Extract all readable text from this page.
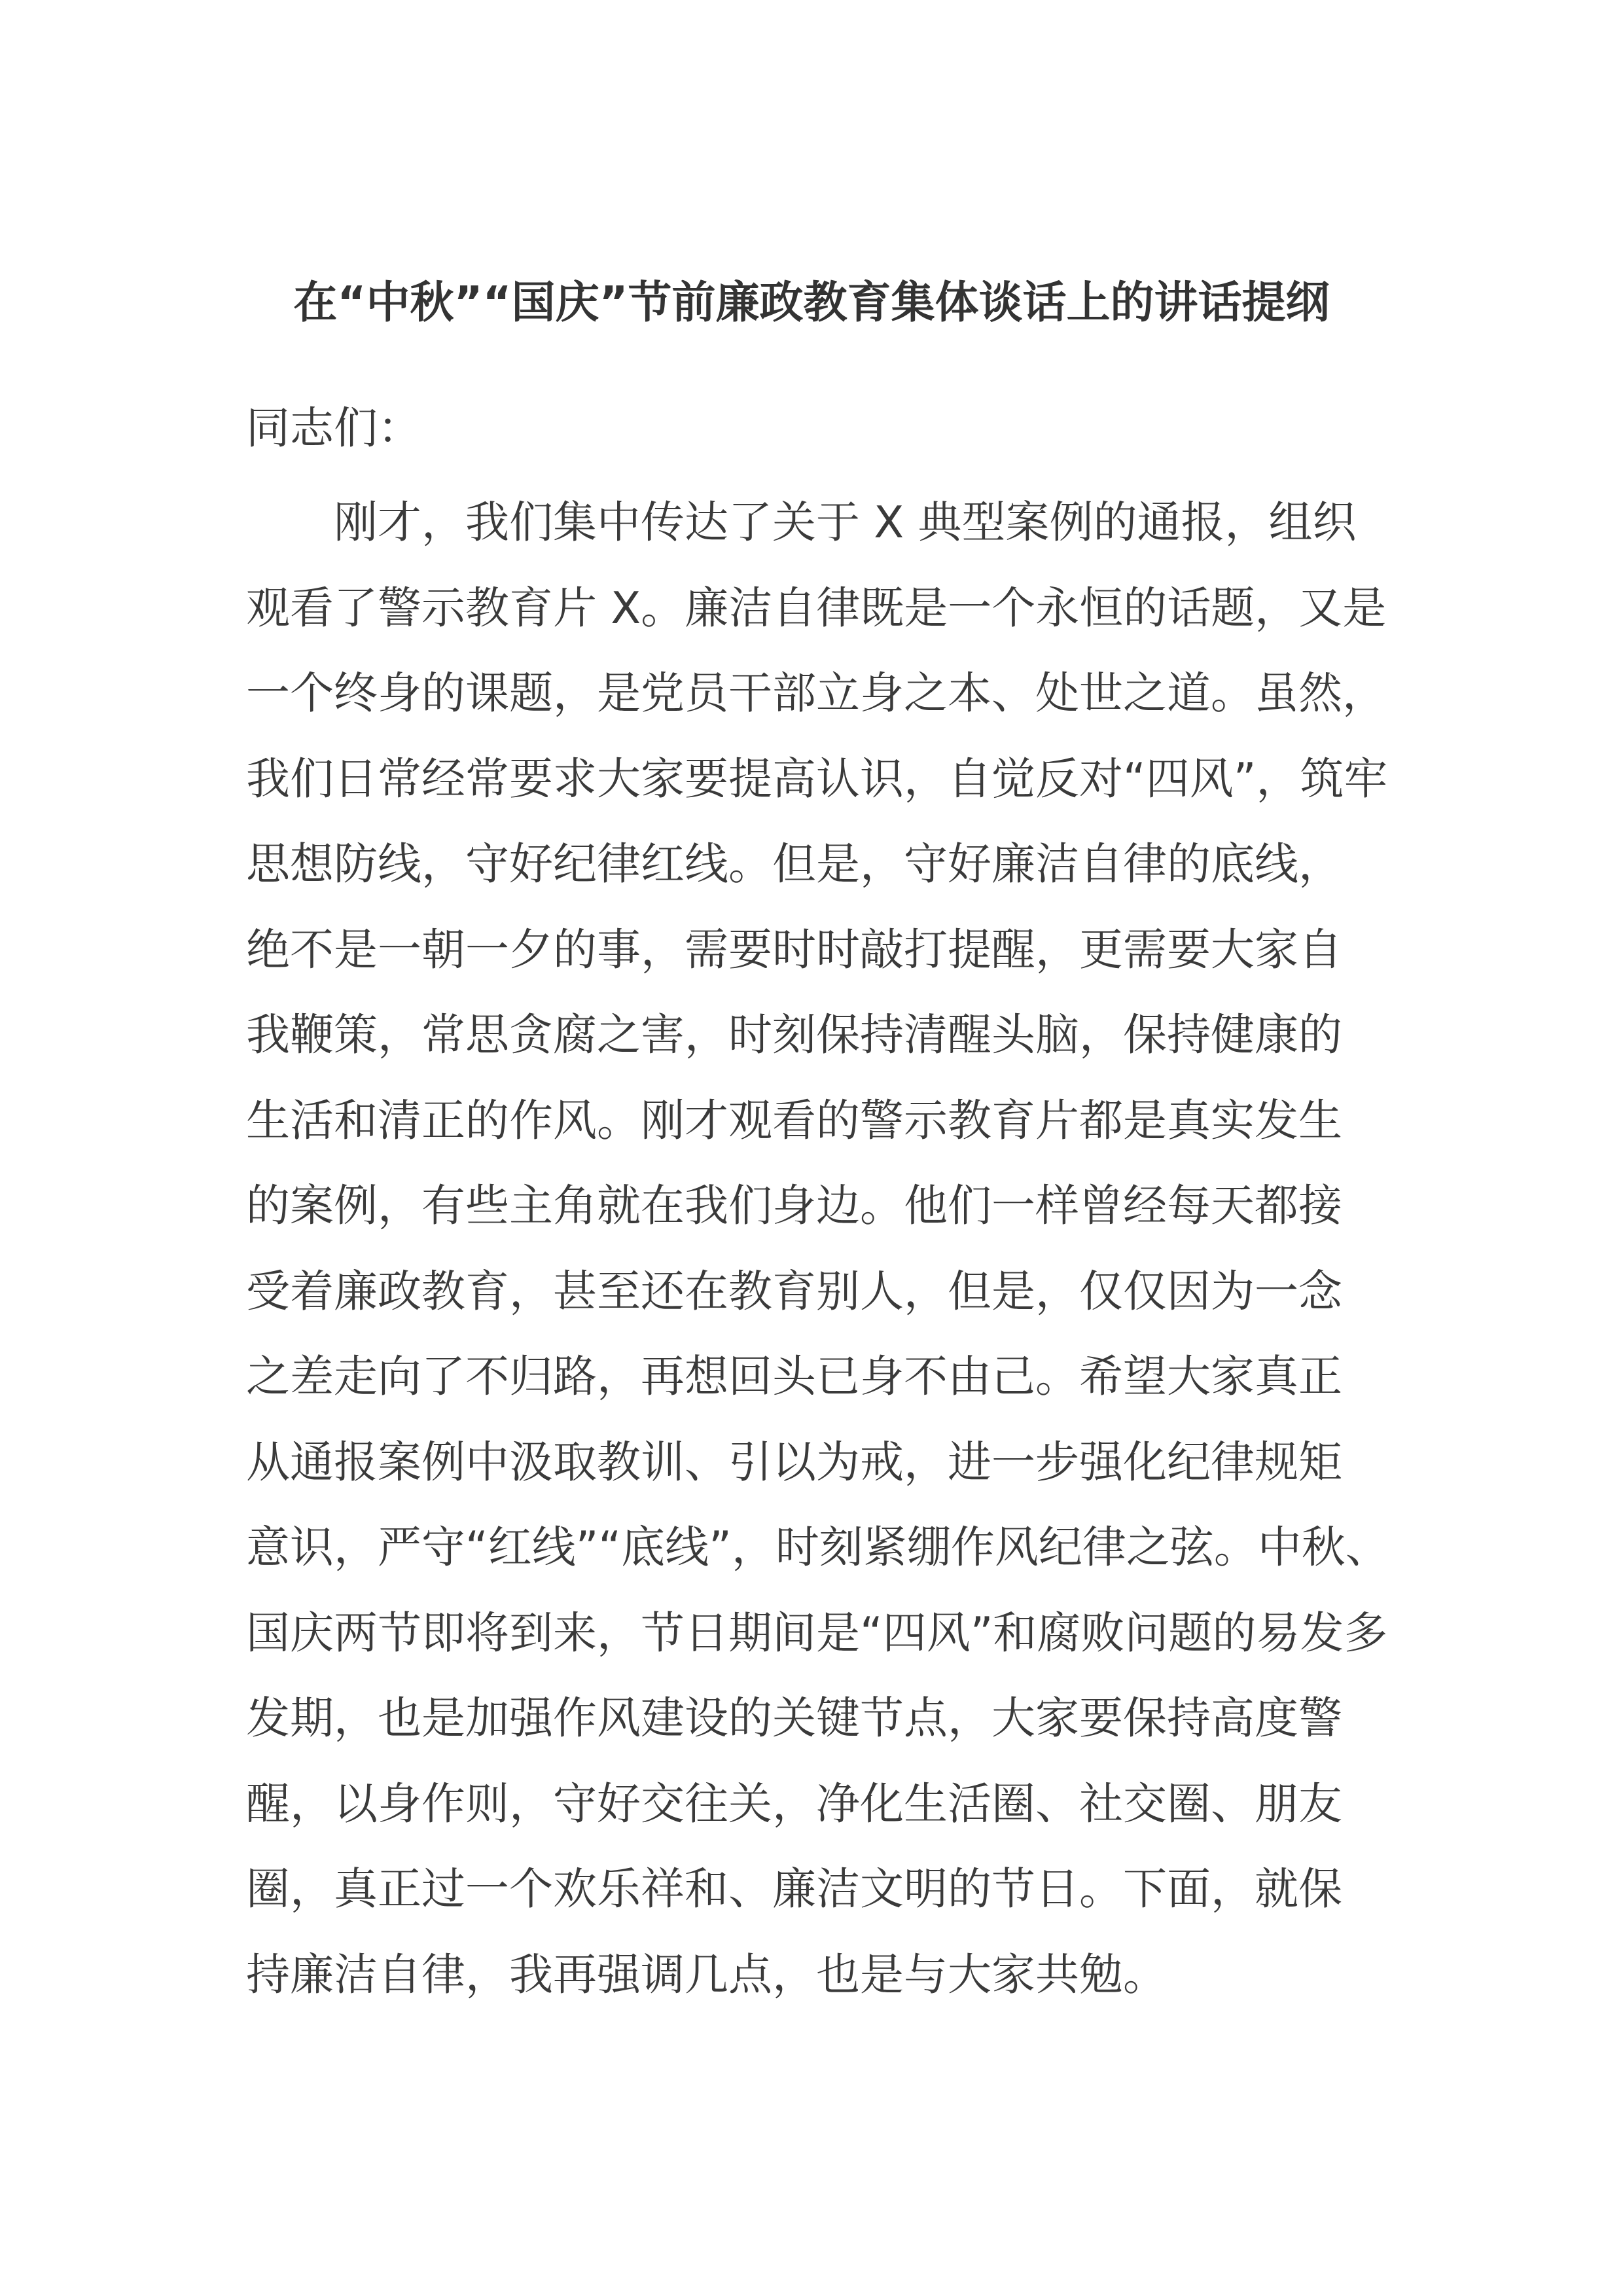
在“中秋”“国庆”节前廉政教育集体谈话上的讲话提纲
同志们：
刚才，我们集中传达了关于 X 典型案例的通报，组织
观看了警示教育片 X。廉洁自律既是一个永恒的话题，又是
一个终身的课题，是党员干部立身之本、处世之道。虽然，
我们日常经常要求大家要提高认识，自觉反对“四风”，筑牢
思想防线，守好纪律红线。但是，守好廉洁自律的底线，
绝不是一朝一夕的事，需要时时敲打提醒，更需要大家自
我鞭策，常思贪腐之害，时刻保持清醒头脑，保持健康的
生活和清正的作风。刚才观看的警示教育片都是真实发生
的案例，有些主角就在我们身边。他们一样曾经每天都接
受着廉政教育，甚至还在教育别人，但是，仅仅因为一念
之差走向了不归路，再想回头已身不由己。希望大家真正
从通报案例中汲取教训、引以为戒，进一步强化纪律规矩
意识，严守“红线”“底线”，时刻紧绷作风纪律之弦。中秋、
国庆两节即将到来，节日期间是“四风”和腐败问题的易发多
发期，也是加强作风建设的关键节点，大家要保持高度警
醒，以身作则，守好交往关，净化生活圈、社交圈、朋友
圈，真正过一个欢乐祥和、廉洁文明的节日。下面，就保
持廉洁自律，我再强调几点，也是与大家共勉。
